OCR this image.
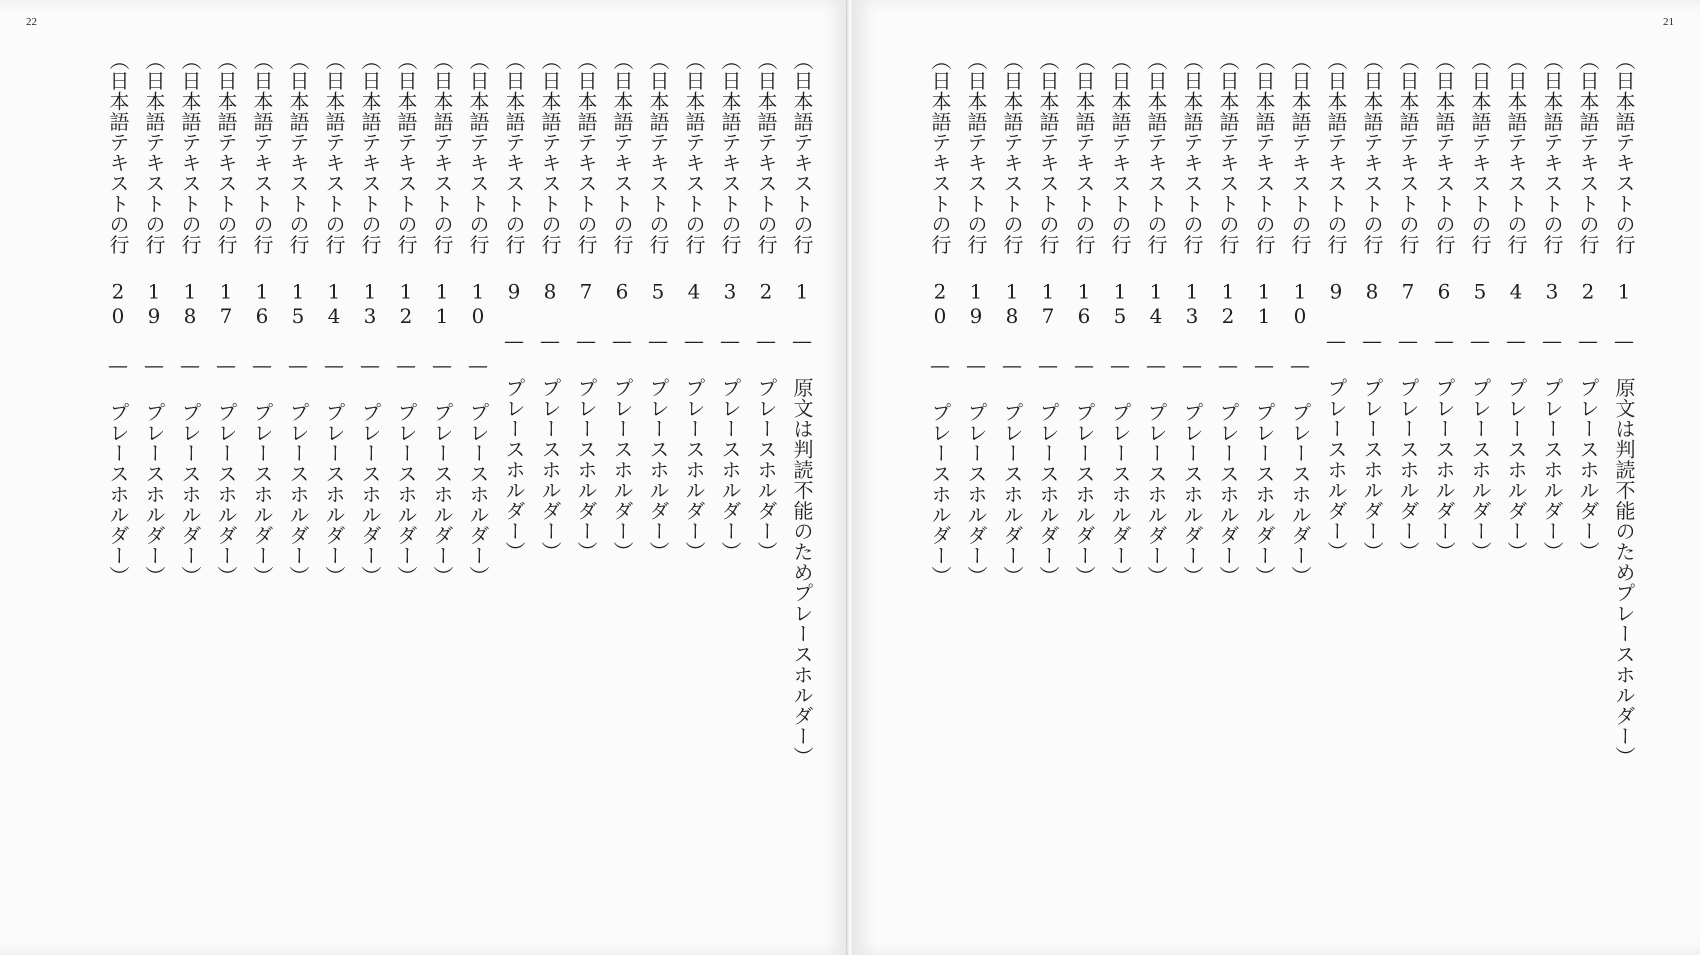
22
（日本語テキストの行 1 — 原文は判読不能のためプレースホルダー）
（日本語テキストの行 2 — プレースホルダー）
（日本語テキストの行 3 — プレースホルダー）
（日本語テキストの行 4 — プレースホルダー）
（日本語テキストの行 5 — プレースホルダー）
（日本語テキストの行 6 — プレースホルダー）
（日本語テキストの行 7 — プレースホルダー）
（日本語テキストの行 8 — プレースホルダー）
（日本語テキストの行 9 — プレースホルダー）
（日本語テキストの行 10 — プレースホルダー）
（日本語テキストの行 11 — プレースホルダー）
（日本語テキストの行 12 — プレースホルダー）
（日本語テキストの行 13 — プレースホルダー）
（日本語テキストの行 14 — プレースホルダー）
（日本語テキストの行 15 — プレースホルダー）
（日本語テキストの行 16 — プレースホルダー）
（日本語テキストの行 17 — プレースホルダー）
（日本語テキストの行 18 — プレースホルダー）
（日本語テキストの行 19 — プレースホルダー）
（日本語テキストの行 20 — プレースホルダー）
21
（日本語テキストの行 1 — 原文は判読不能のためプレースホルダー）
（日本語テキストの行 2 — プレースホルダー）
（日本語テキストの行 3 — プレースホルダー）
（日本語テキストの行 4 — プレースホルダー）
（日本語テキストの行 5 — プレースホルダー）
（日本語テキストの行 6 — プレースホルダー）
（日本語テキストの行 7 — プレースホルダー）
（日本語テキストの行 8 — プレースホルダー）
（日本語テキストの行 9 — プレースホルダー）
（日本語テキストの行 10 — プレースホルダー）
（日本語テキストの行 11 — プレースホルダー）
（日本語テキストの行 12 — プレースホルダー）
（日本語テキストの行 13 — プレースホルダー）
（日本語テキストの行 14 — プレースホルダー）
（日本語テキストの行 15 — プレースホルダー）
（日本語テキストの行 16 — プレースホルダー）
（日本語テキストの行 17 — プレースホルダー）
（日本語テキストの行 18 — プレースホルダー）
（日本語テキストの行 19 — プレースホルダー）
（日本語テキストの行 20 — プレースホルダー）
